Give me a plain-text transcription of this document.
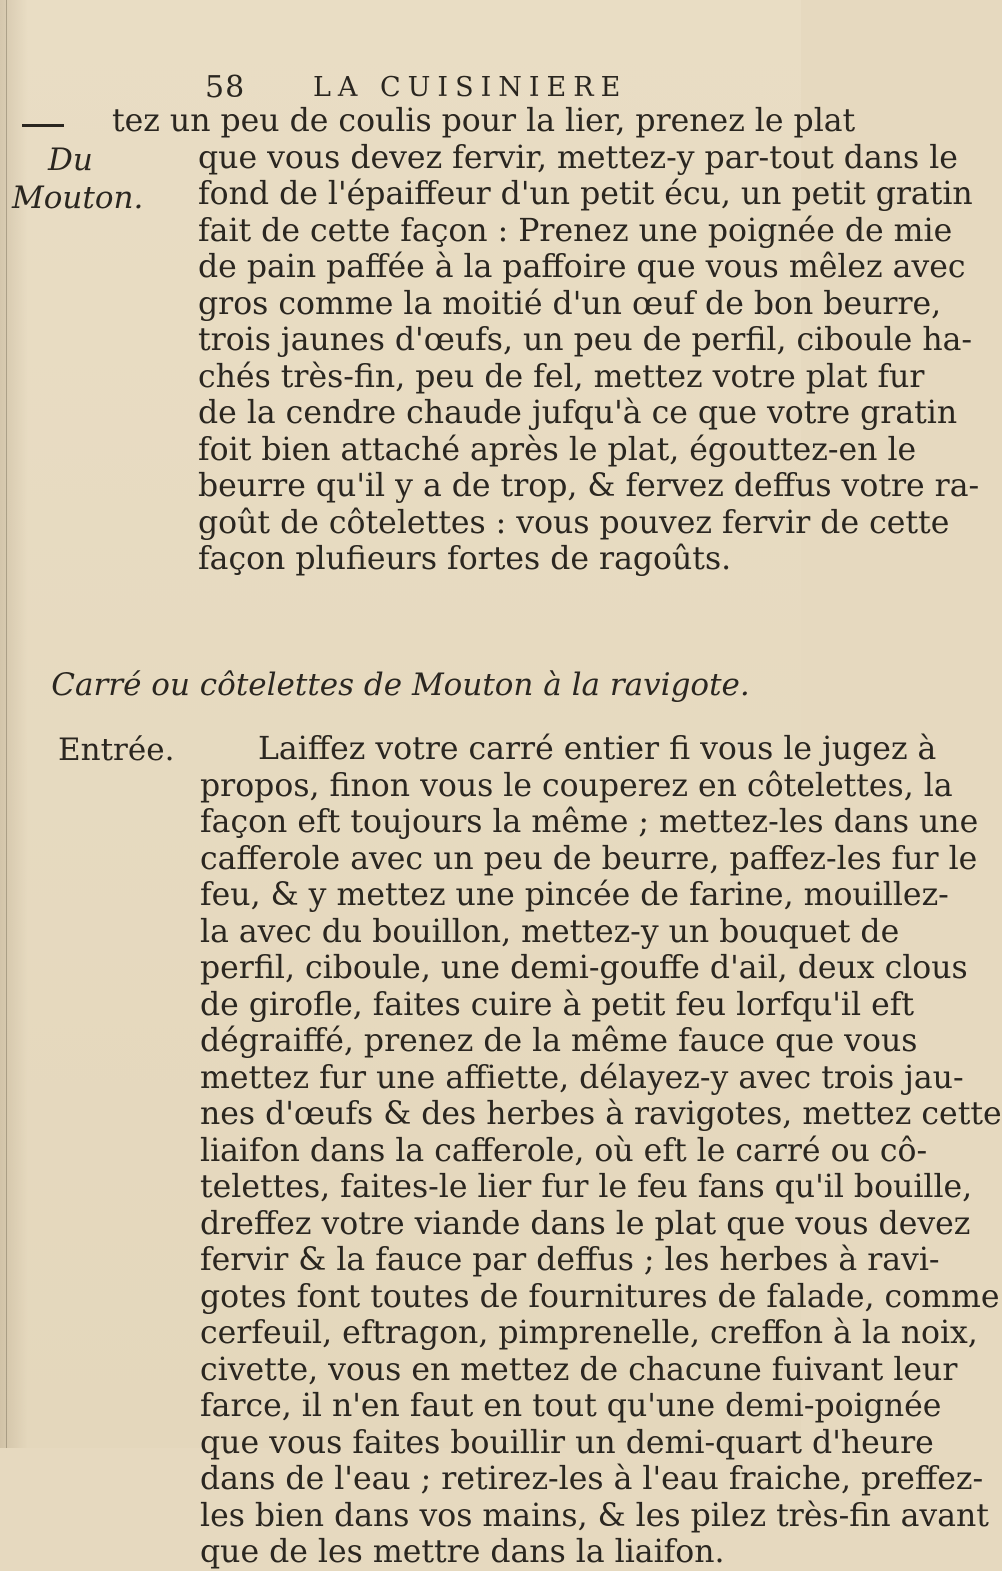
58	LA CUISINIERE
Du
Mouton.
tez un peu de coulis pour la lier, prenez le plat
que vous devez fervir, mettez-y par-tout dans le
fond de l'épaiffeur d'un petit écu, un petit gratin
fait de cette façon : Prenez une poignée de mie
de pain paffée à la paffoire que vous mêlez avec
gros comme la moitié d'un œuf de bon beurre,
trois jaunes d'œufs, un peu de perfil, ciboule ha-
chés très-fin, peu de fel, mettez votre plat fur
de la cendre chaude jufqu'à ce que votre gratin
foit bien attaché après le plat, égouttez-en le
beurre qu'il y a de trop, & fervez deffus votre ra-
goût de côtelettes : vous pouvez fervir de cette
façon plufieurs fortes de ragoûts.
Carré ou côtelettes de Mouton à la ravigote.
Entrée.	Laiffez votre carré entier fi vous le jugez à
propos, finon vous le couperez en côtelettes, la
façon eft toujours la même ; mettez-les dans une
cafferole avec un peu de beurre, paffez-les fur le
feu, & y mettez une pincée de farine, mouillez-
la avec du bouillon, mettez-y un bouquet de
perfil, ciboule, une demi-gouffe d'ail, deux clous
de girofle, faites cuire à petit feu lorfqu'il eft
dégraiffé, prenez de la même fauce que vous
mettez fur une affiette, délayez-y avec trois jau-
nes d'œufs & des herbes à ravigotes, mettez cette
liaifon dans la cafferole, où eft le carré ou cô-
telettes, faites-le lier fur le feu fans qu'il bouille,
dreffez votre viande dans le plat que vous devez
fervir & la fauce par deffus ; les herbes à ravi-
gotes font toutes de fournitures de falade, comme
cerfeuil, eftragon, pimprenelle, creffon à la noix,
civette, vous en mettez de chacune fuivant leur
farce, il n'en faut en tout qu'une demi-poignée
que vous faites bouillir un demi-quart d'heure
dans de l'eau ; retirez-les à l'eau fraiche, preffez-
les bien dans vos mains, & les pilez très-fin avant
que de les mettre dans la liaifon.
